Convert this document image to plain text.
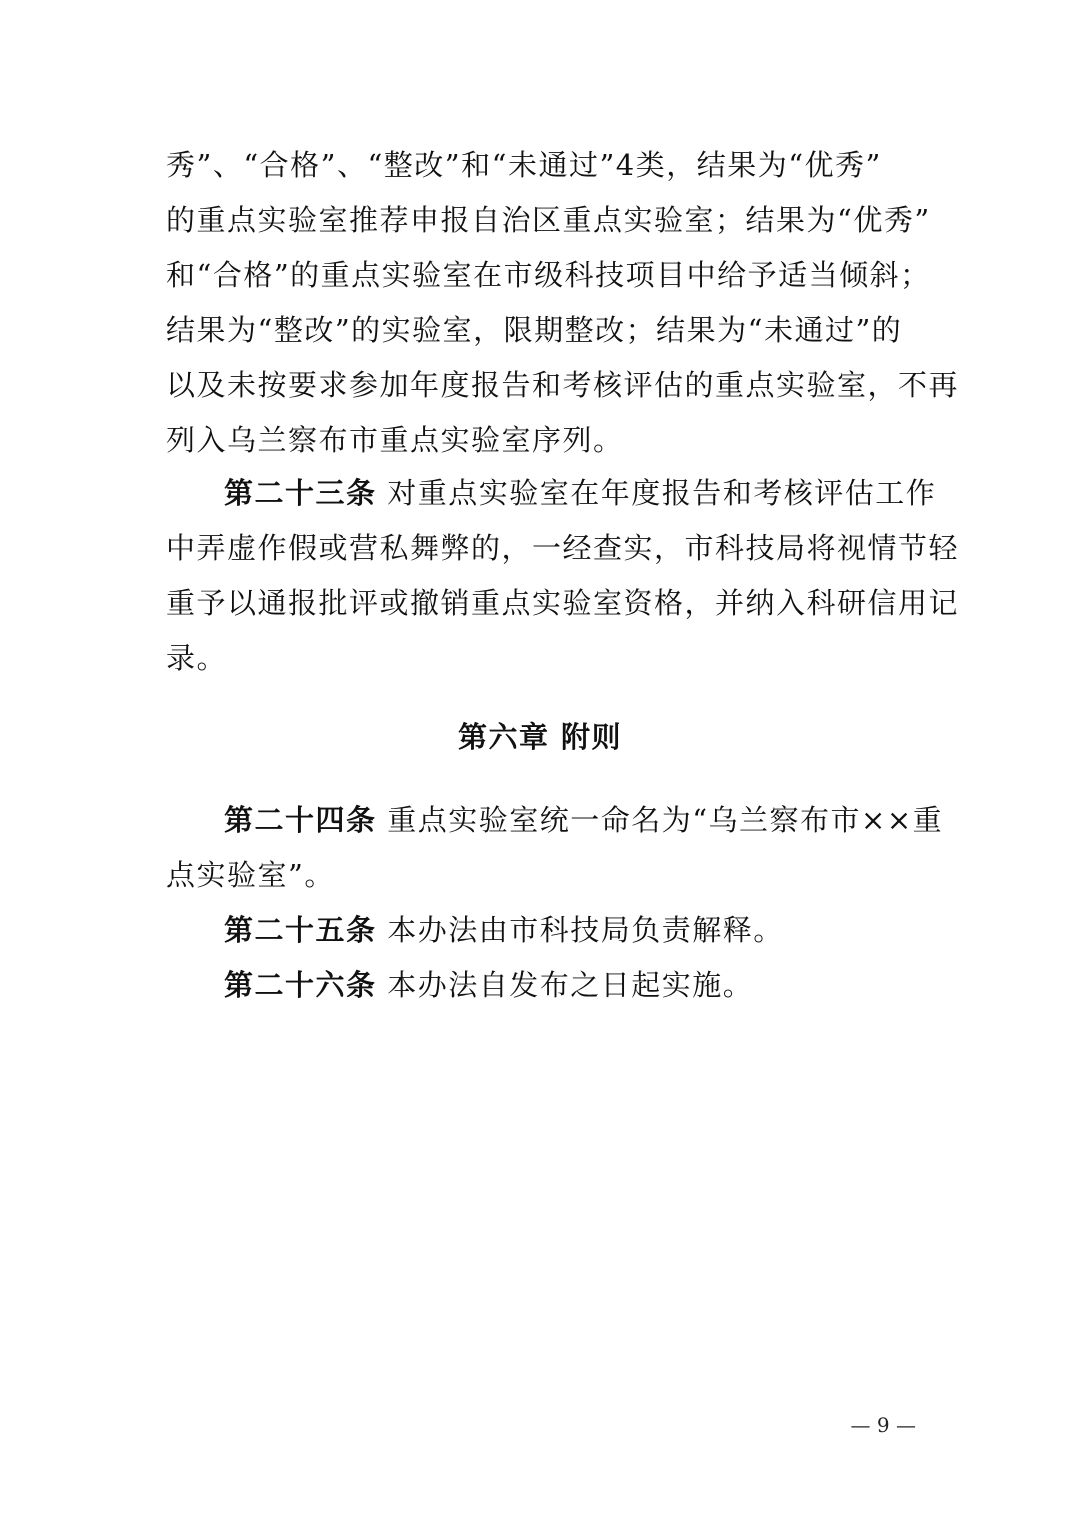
秀”、“合格”、“整改”和“未通过”4类，结果为“优秀”
的重点实验室推荐申报自治区重点实验室；结果为“优秀”
和“合格”的重点实验室在市级科技项目中给予适当倾斜；
结果为“整改”的实验室，限期整改；结果为“未通过”的
以及未按要求参加年度报告和考核评估的重点实验室，不再
列入乌兰察布市重点实验室序列。
第二十三条 对重点实验室在年度报告和考核评估工作
中弄虚作假或营私舞弊的，一经查实，市科技局将视情节轻
重予以通报批评或撤销重点实验室资格，并纳入科研信用记
录。
第六章 附则
第二十四条 重点实验室统一命名为“乌兰察布市××重
点实验室”。
第二十五条 本办法由市科技局负责解释。
第二十六条 本办法自发布之日起实施。
— 9 —
